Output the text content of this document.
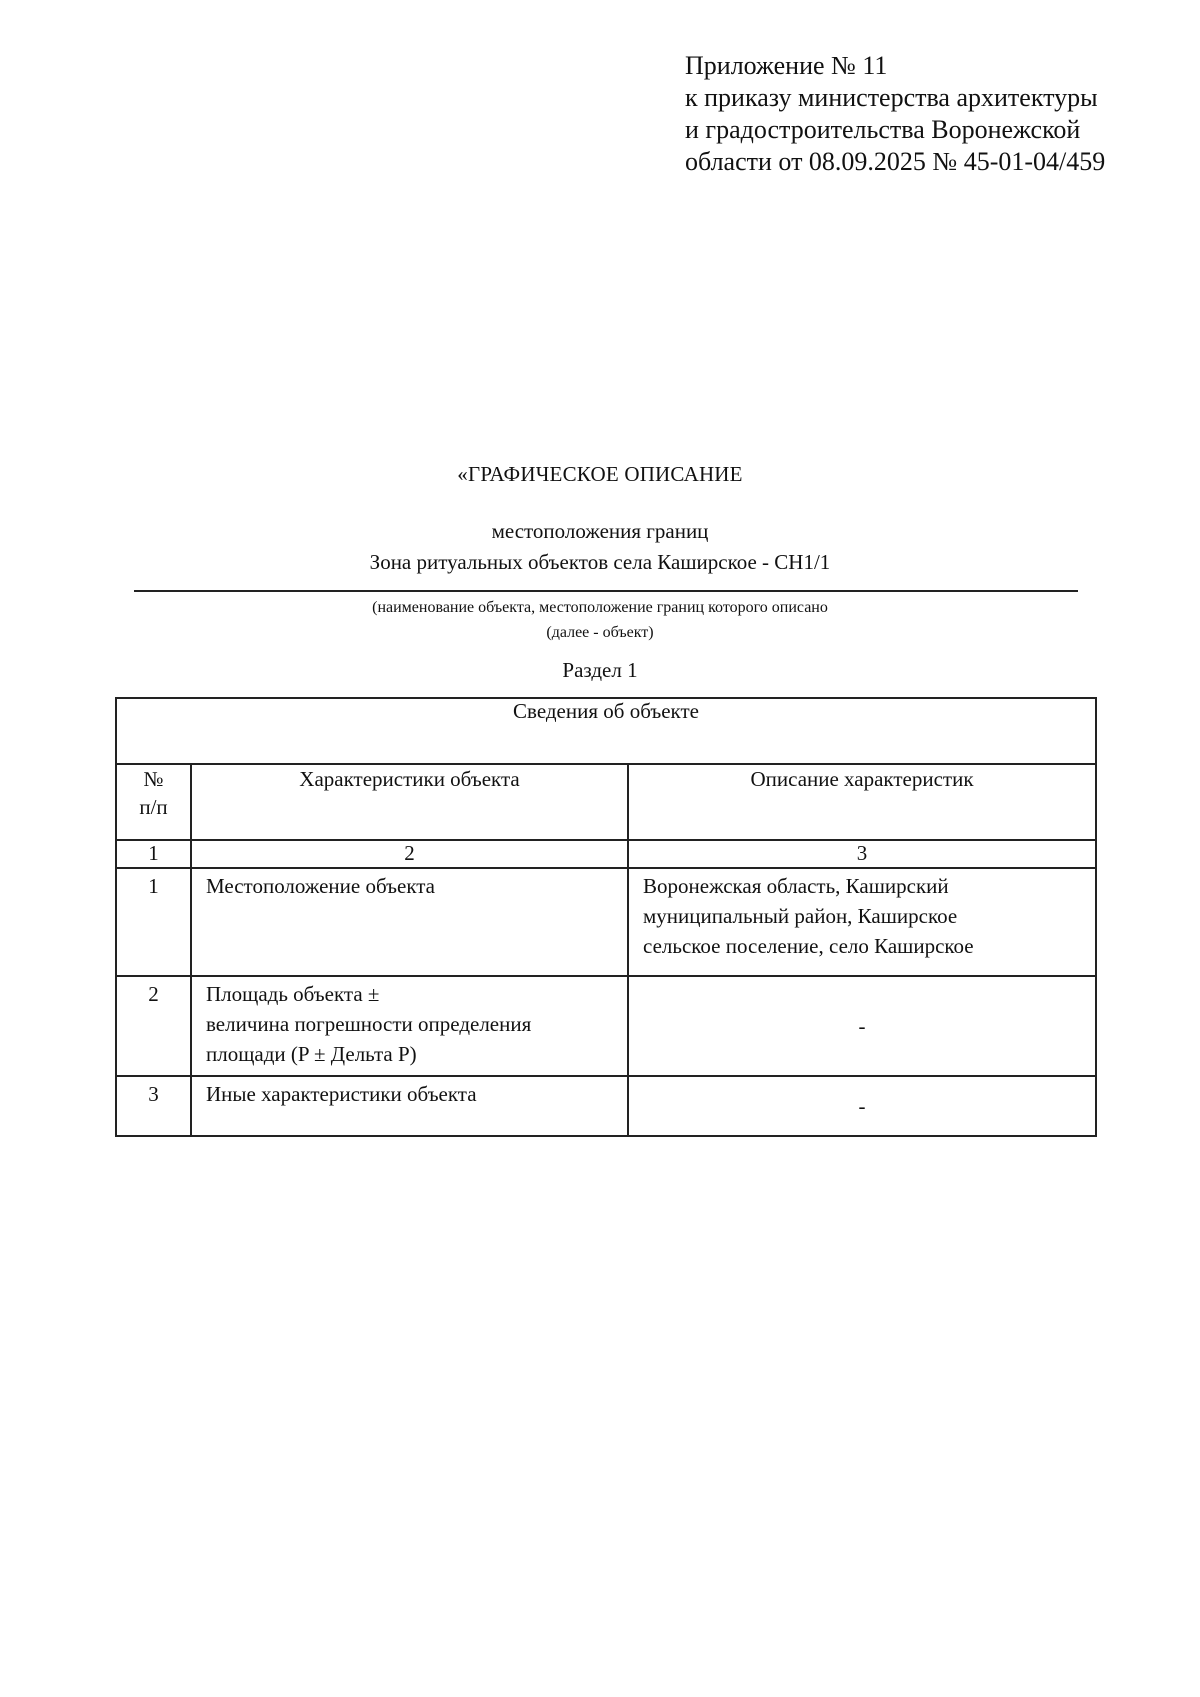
Приложение № 11
к приказу министерства архитектуры
и градостроительства Воронежской
области от 08.09.2025 № 45-01-04/459
«ГРАФИЧЕСКОЕ ОПИСАНИЕ
местоположения границ
Зона ритуальных объектов села Каширское - СН1/1
(наименование объекта, местоположение границ которого описано
(далее - объект)
Раздел 1
Сведения об объекте		

№
п/п	Характеристики объекта	Описание характеристик
1	2	3
1	Местоположение объекта	Воронежская область, Каширский
муниципальный район, Каширское
сельское поселение, село Каширское

2	Площадь объекта ±
величина погрешности определения
площади (P ± Дельта P)	-
3	Иные характеристики объекта	-
